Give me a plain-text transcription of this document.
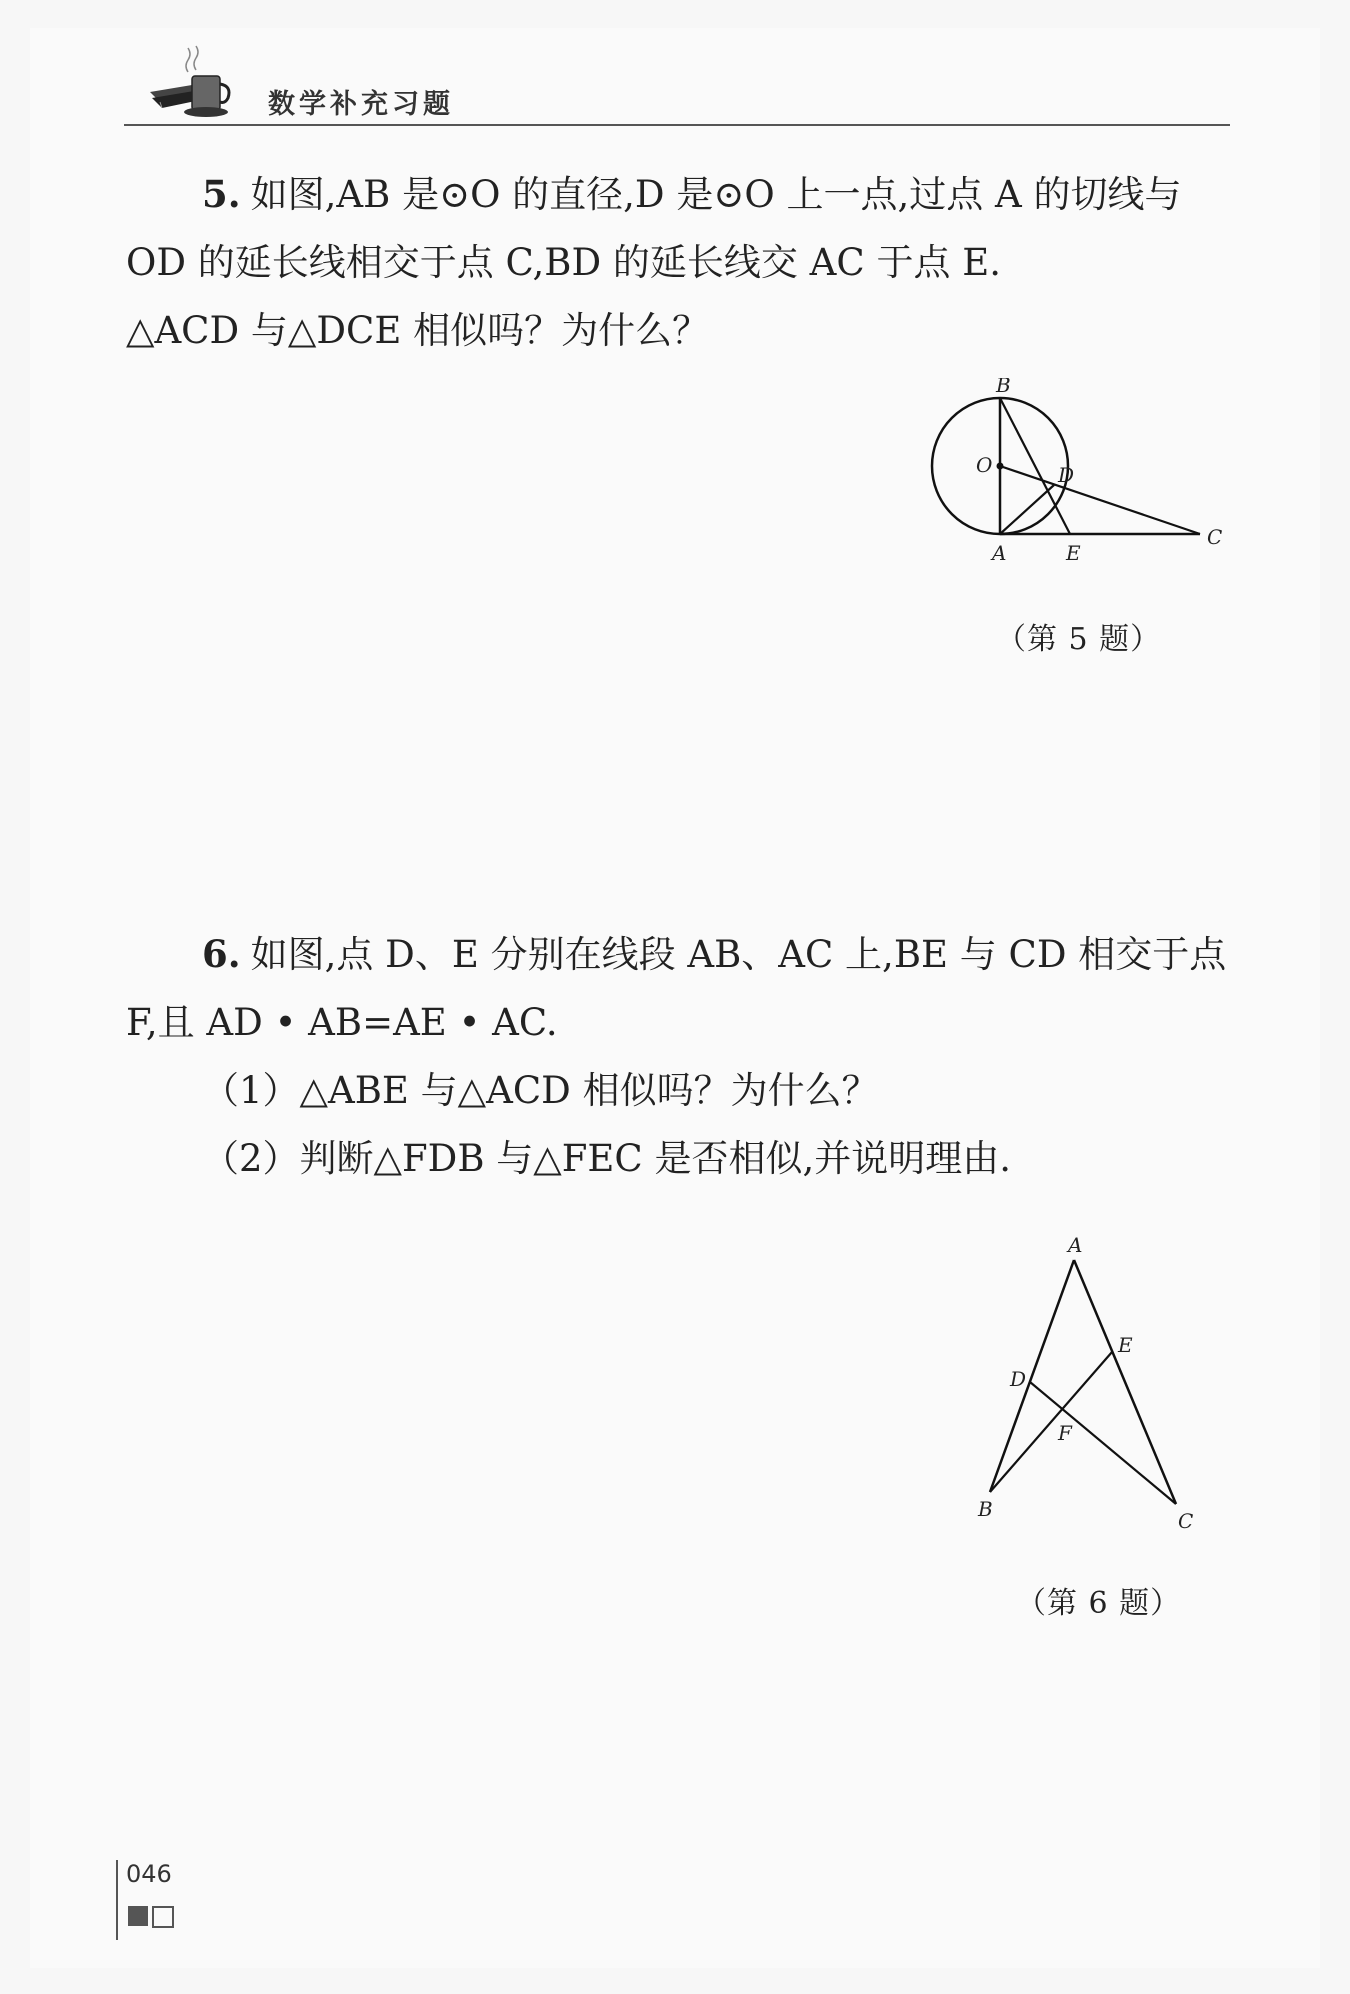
数学补充习题
5. 如图,AB 是⊙O 的直径,D 是⊙O 上一点,过点 A 的切线与 OD 的延长线相交于点 C,BD 的延长线交 AC 于点 E.
△ACD 与△DCE 相似吗？为什么？
B
O	D
A	E
C
（第 5 题）
6. 如图,点 D、E 分别在线段 AB、AC 上,BE 与 CD 相交于点 F,且 AD • AB=AE • AC.
（1）△ABE 与△ACD 相似吗？为什么？
（2）判断△FDB 与△FEC 是否相似,并说明理由.
A
E
D
F
B	C
（第 6 题）
046
